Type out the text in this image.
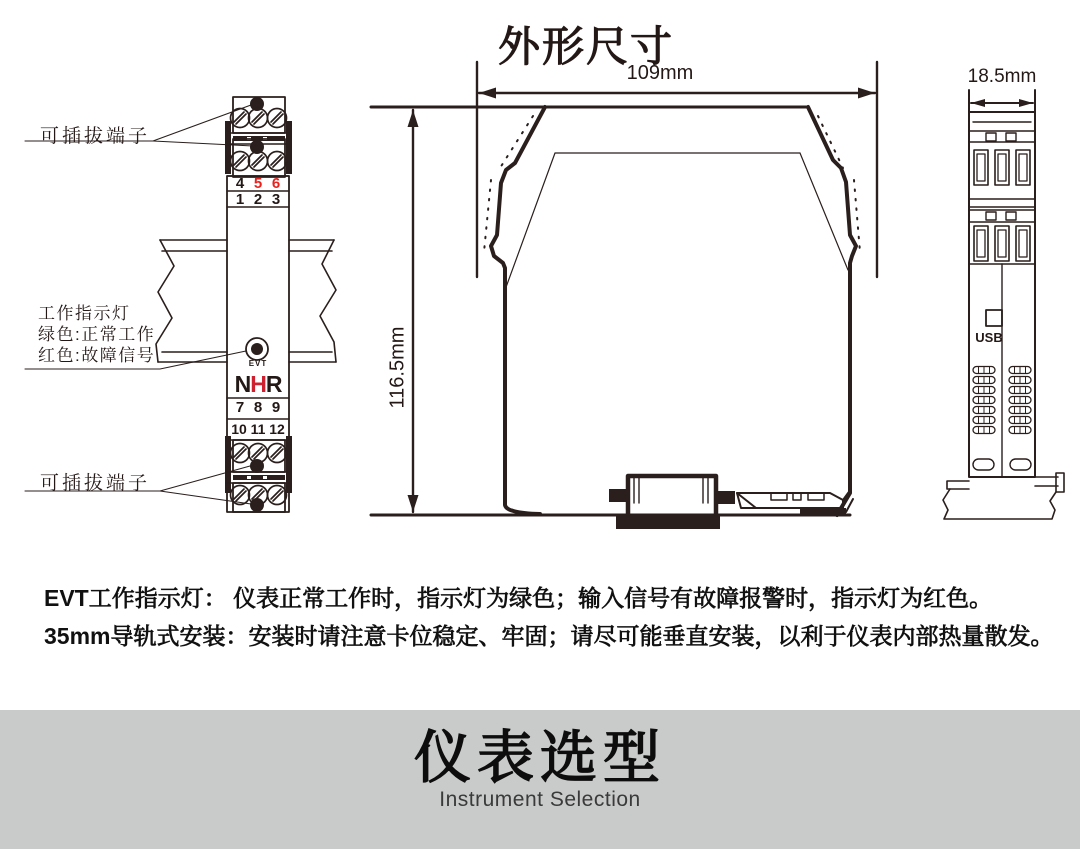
外形尺寸
109mm
116.5mm
18.5mm
可插拔端子
工作指示灯
绿色:正常工作
红色:故障信号
可插拔端子
4 5 6
1 2 3
7 8 9
10 11 12
EVT
NHR
USB
EVT工作指示灯： 仪表正常工作时，指示灯为绿色；输入信号有故障报警时，指示灯为红色。
35mm导轨式安装：安装时请注意卡位稳定、牢固；请尽可能垂直安装，以利于仪表内部热量散发。
仪表选型
Instrument Selection
